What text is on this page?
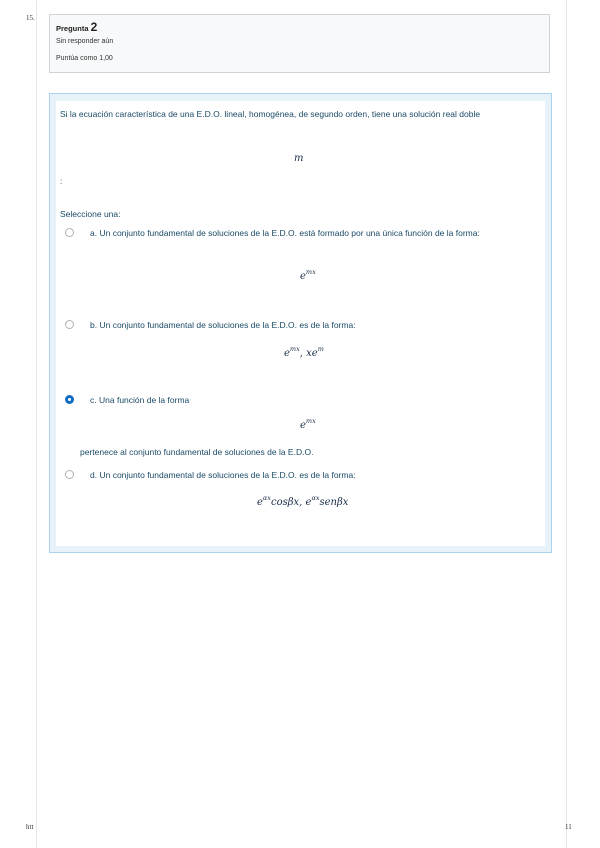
15.
Pregunta 2
Sin responder aún
Puntúa como 1,00
Si la ecuación característica de una E.D.O. lineal, homogénea, de segundo orden, tiene una solución real doble
m
:
Seleccione una:
a. Un conjunto fundamental de soluciones de la E.D.O. está formado por una única función de la forma:
$e^{mx}$
b. Un conjunto fundamental de soluciones de la E.D.O. es de la forma:
$e^{mx}$, $xe^m$
c. Una función de la forma
$e^{mx}$
pertenece al conjunto fundamental de soluciones de la E.D.O.
d. Un conjunto fundamental de soluciones de la E.D.O. es de la forma:
$e^{\alpha x}\cos\beta x$, $e^{\alpha x}sen\beta x$
htt	11
